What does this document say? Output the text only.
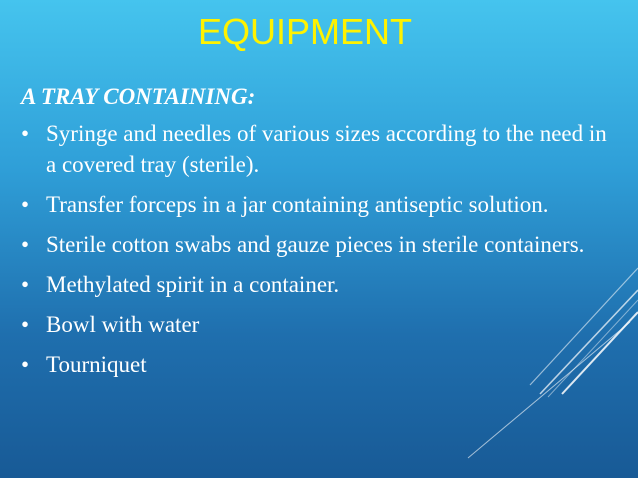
EQUIPMENT
A TRAY CONTAINING:
• Syringe and needles of various sizes according to the need in a covered tray (sterile).
• Transfer forceps in a jar containing antiseptic solution.
• Sterile cotton swabs and gauze pieces in sterile containers.
• Methylated spirit in a container.
• Bowl with water
• Tourniquet
